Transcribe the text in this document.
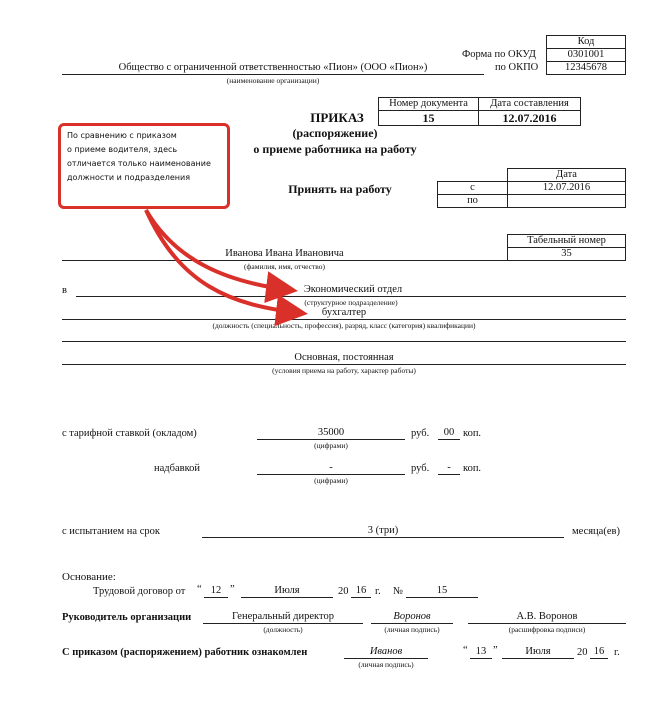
Код
Форма по ОКУД	0301001
по ОКПО	12345678
Общество с ограниченной ответственностью «Пион» (ООО «Пион»)
(наименование организации)
Номер документа	Дата составления
15	12.07.2016
ПРИКАЗ
(распоряжение)
о приеме работника на работу
По сравнению с приказом
о приеме водителя, здесь
отличается только наименование
должности и подразделения
Принять на работу
Дата
с	12.07.2016
по
Табельный номер
35
Иванова Ивана Ивановича
(фамилия, имя, отчество)
в	Экономический отдел
(структурное подразделение)
бухгалтер
(должность (специальность, профессия), разряд, класс (категория) квалификации)
Основная, постоянная
(условия приема на работу, характер работы)
с тарифной ставкой (окладом)	35000
(цифрами)
руб.	00 коп.
надбавкой	-
(цифрами)
руб.	-	коп.
с испытанием на срок	3 (три)	месяца(ев)
Основание:
Трудовой договор от “ 12 ”	Июля	20 16 г. №	15
Руководитель организации	Генеральный директор
(должность)
Воронов
(личная подпись)
А.В. Воронов
(расшифровка подписи)
С приказом (распоряжением) работник ознакомлен	Иванов
(личная подпись)
“ 13 ”	Июля	20 16 г.
